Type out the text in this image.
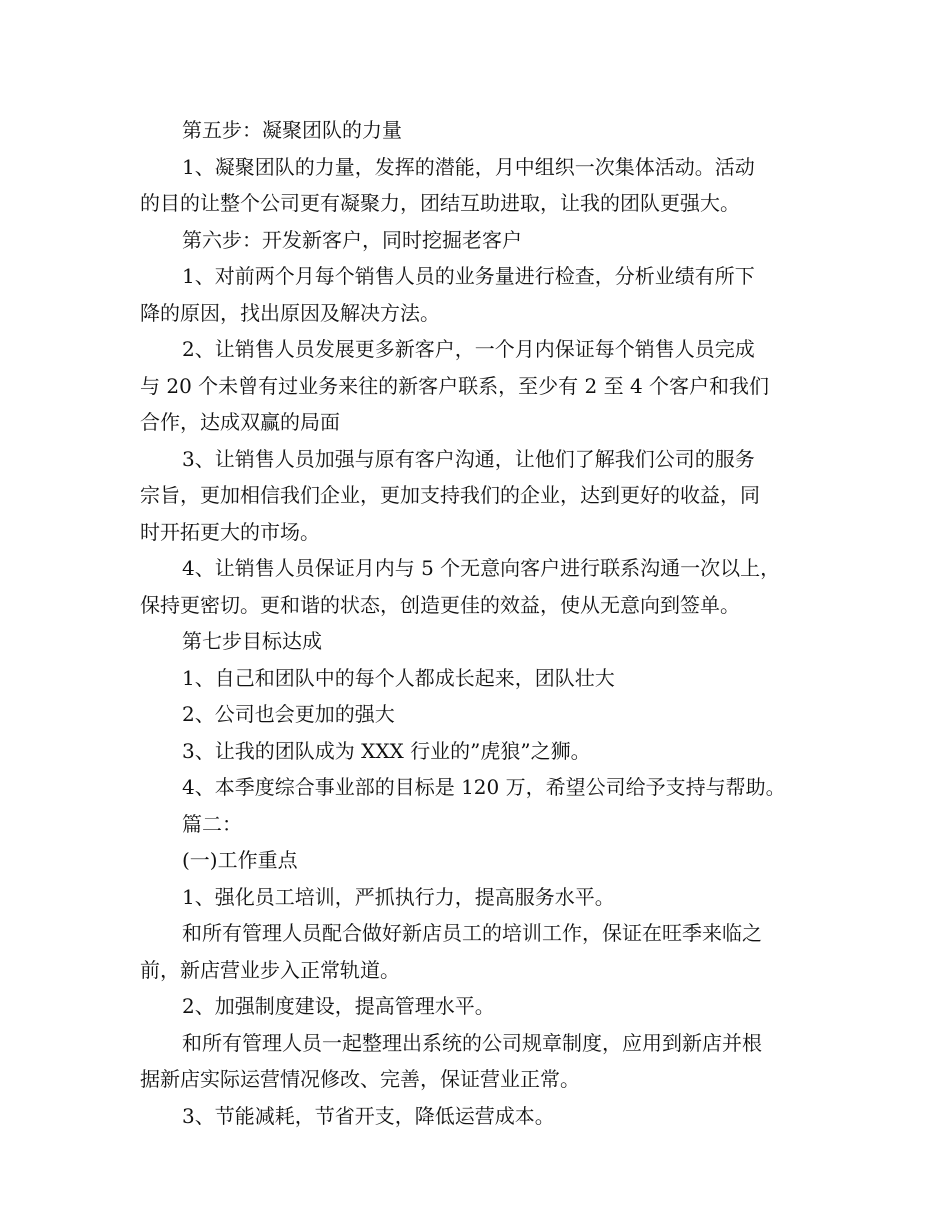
第五步：凝聚团队的力量
1、凝聚团队的力量，发挥的潜能，月中组织一次集体活动。活动
的目的让整个公司更有凝聚力，团结互助进取，让我的团队更强大。
第六步：开发新客户，同时挖掘老客户
1、对前两个月每个销售人员的业务量进行检查，分析业绩有所下
降的原因，找出原因及解决方法。
2、让销售人员发展更多新客户，一个月内保证每个销售人员完成
与 20 个未曾有过业务来往的新客户联系，至少有 2 至 4 个客户和我们
合作，达成双赢的局面
3、让销售人员加强与原有客户沟通，让他们了解我们公司的服务
宗旨，更加相信我们企业，更加支持我们的企业，达到更好的收益，同
时开拓更大的市场。
4、让销售人员保证月内与 5 个无意向客户进行联系沟通一次以上，
保持更密切。更和谐的状态，创造更佳的效益，使从无意向到签单。
第七步目标达成
1、自己和团队中的每个人都成长起来，团队壮大
2、公司也会更加的强大
3、让我的团队成为 XXX 行业的”虎狼”之狮。
4、本季度综合事业部的目标是 120 万，希望公司给予支持与帮助。
篇二：
(一)工作重点
1、强化员工培训，严抓执行力，提高服务水平。
和所有管理人员配合做好新店员工的培训工作，保证在旺季来临之
前，新店营业步入正常轨道。
2、加强制度建设，提高管理水平。
和所有管理人员一起整理出系统的公司规章制度，应用到新店并根
据新店实际运营情况修改、完善，保证营业正常。
3、节能减耗，节省开支，降低运营成本。
